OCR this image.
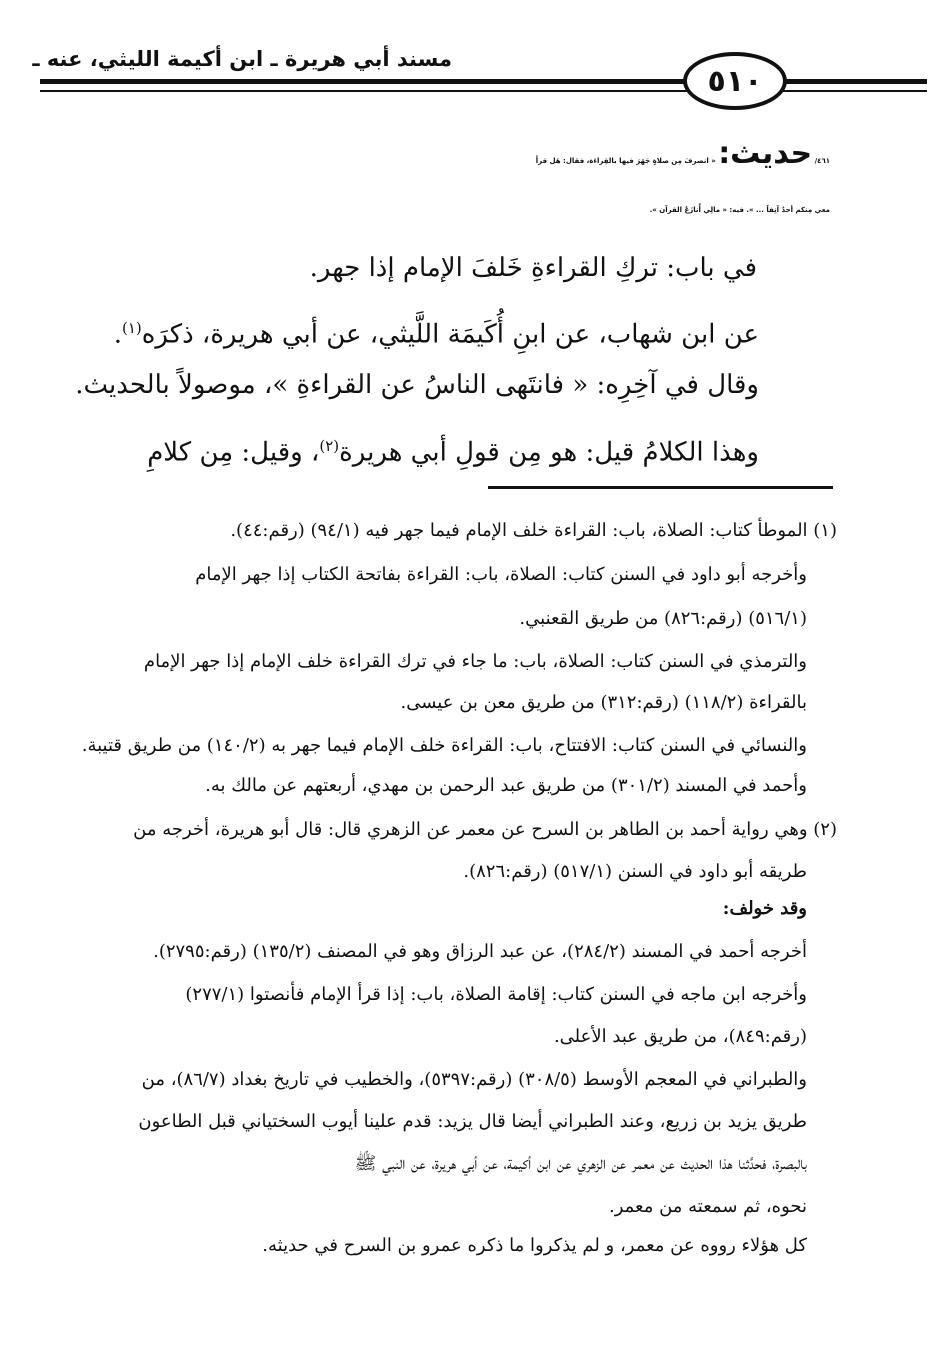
مسند أبي هريرة ـ ابن أكيمة الليثي، عنه ـ
٥١٠
٤٦١/ حديث: « انصرفَ مِن صلاةٍ جَهَرَ فيها بالقِراءَة، فقال: هَل قرأَ
معي مِنكم أحدٌ آنِفاً ... ». فيه: « مالِي أُنازَعُ القرآن ».
في باب: تركِ القراءةِ خَلفَ الإمام إذا جهر.
عن ابن شهاب، عن ابنِ أُكَيمَة اللَّيثي، عن أبي هريرة، ذكرَه$^{(١)}$.
وقال في آخِرِه: « فانتَهى الناسُ عن القراءةِ »، موصولاً بالحديث.
وهذا الكلامُ قيل: هو مِن قولِ أبي هريرة$^{(٢)}$، وقيل: مِن كلامِ
(١) الموطأ كتاب: الصلاة، باب: القراءة خلف الإمام فيما جهر فيه (٩٤/١) (رقم:٤٤).
وأخرجه أبو داود في السنن كتاب: الصلاة، باب: القراءة بفاتحة الكتاب إذا جهر الإمام
(٥١٦/١) (رقم:٨٢٦) من طريق القعنبي.
والترمذي في السنن كتاب: الصلاة، باب: ما جاء في ترك القراءة خلف الإمام إذا جهر الإمام
بالقراءة (١١٨/٢) (رقم:٣١٢) من طريق معن بن عيسى.
والنسائي في السنن كتاب: الافتتاح، باب: القراءة خلف الإمام فيما جهر به (١٤٠/٢) من طريق قتيبة.
وأحمد في المسند (٣٠١/٢) من طريق عبد الرحمن بن مهدي، أربعتهم عن مالك به.
(٢) وهي رواية أحمد بن الطاهر بن السرح عن معمر عن الزهري قال: قال أبو هريرة، أخرجه من
طريقه أبو داود في السنن (٥١٧/١) (رقم:٨٢٦).
وقد خولف:
أخرجه أحمد في المسند (٢٨٤/٢)، عن عبد الرزاق وهو في المصنف (١٣٥/٢) (رقم:٢٧٩٥).
وأخرجه ابن ماجه في السنن كتاب: إقامة الصلاة، باب: إذا قرأ الإمام فأنصتوا (٢٧٧/١)
(رقم:٨٤٩)، من طريق عبد الأعلى.
والطبراني في المعجم الأوسط (٣٠٨/٥) (رقم:٥٣٩٧)، والخطيب في تاريخ بغداد (٨٦/٧)، من
طريق يزيد بن زريع، وعند الطبراني أيضا قال يزيد: قدم علينا أيوب السختياني قبل الطاعون
بالبصرة، فحدَّثنا هذا الحديث عن معمر عن الزهري عن ابن أكيمة، عن أبي هريرة، عن النبي ﷺ
نحوه، ثم سمعته من معمر.
كل هؤلاء رووه عن معمر، و لم يذكروا ما ذكره عمرو بن السرح في حديثه.
